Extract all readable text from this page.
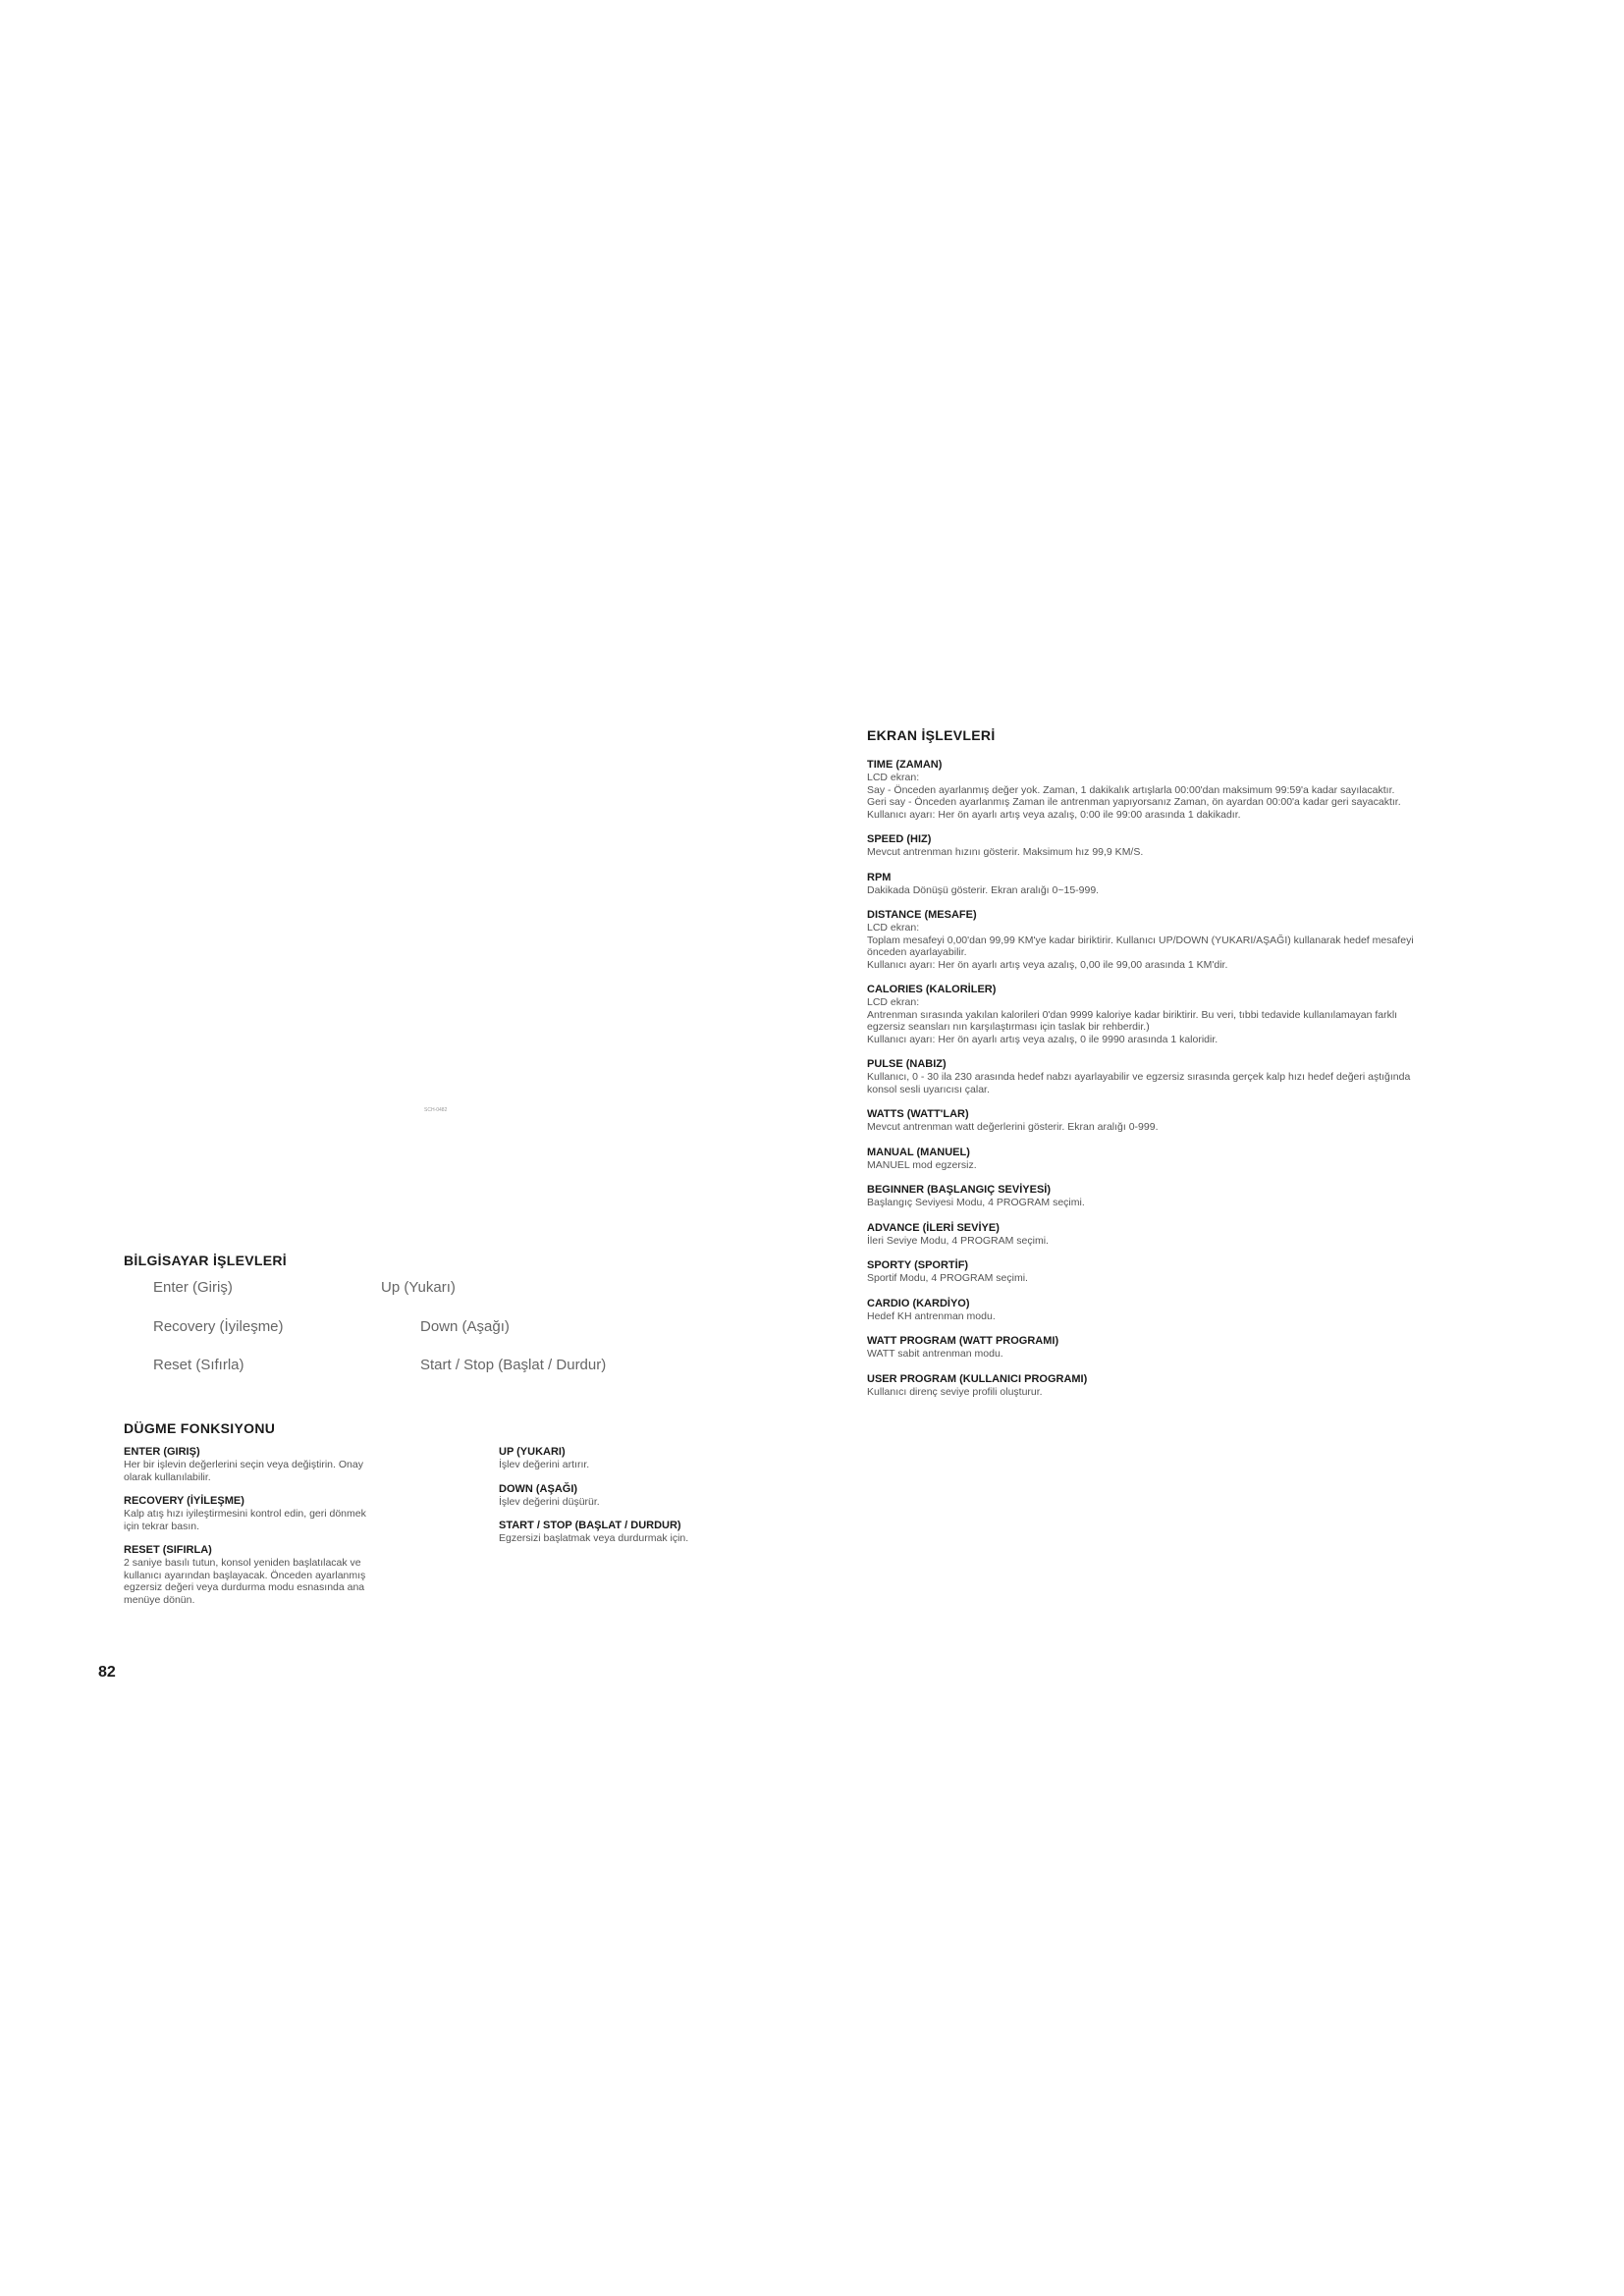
SCH-0482
BİLGİSAYAR İŞLEVLERİ
Enter (Giriş)	Up (Yukarı)
Recovery (İyileşme)	Down (Aşağı)
Reset (Sıfırla)	Start / Stop (Başlat / Durdur)
DÜGME FONKSIYONU
ENTER (GIRIŞ)
Her bir işlevin değerlerini seçin veya değiştirin. Onay
olarak kullanılabilir.
RECOVERY (İYİLEŞME)
Kalp atış hızı iyileştirmesini kontrol edin, geri dönmek
için tekrar basın.
RESET (SIFIRLA)
2 saniye basılı tutun, konsol yeniden başlatılacak ve
kullanıcı ayarından başlayacak. Önceden ayarlanmış
egzersiz değeri veya durdurma modu esnasında ana
menüye dönün.
UP (YUKARI)
İşlev değerini artırır.
DOWN (AŞAĞI)
İşlev değerini düşürür.
START / STOP (BAŞLAT / DURDUR)
Egzersizi başlatmak veya durdurmak için.
82
EKRAN İŞLEVLERİ
TIME (ZAMAN)
LCD ekran:
Say - Önceden ayarlanmış değer yok. Zaman, 1 dakikalık artışlarla 00:00'dan maksimum 99:59'a kadar sayılacaktır.
Geri say - Önceden ayarlanmış Zaman ile antrenman yapıyorsanız Zaman, ön ayardan 00:00'a kadar geri sayacaktır.
Kullanıcı ayarı: Her ön ayarlı artış veya azalış, 0:00 ile 99:00 arasında 1 dakikadır.
SPEED (HIZ)
Mevcut antrenman hızını gösterir. Maksimum hız 99,9 KM/S.
RPM
Dakikada Dönüşü gösterir. Ekran aralığı 0~15-999.
DISTANCE (MESAFE)
LCD ekran:
Toplam mesafeyi 0,00'dan 99,99 KM'ye kadar biriktirir. Kullanıcı UP/DOWN (YUKARI/AŞAĞI) kullanarak hedef mesafeyi
önceden ayarlayabilir.
Kullanıcı ayarı: Her ön ayarlı artış veya azalış, 0,00 ile 99,00 arasında 1 KM'dir.
CALORIES (KALORİLER)
LCD ekran:
Antrenman sırasında yakılan kalorileri 0'dan 9999 kaloriye kadar biriktirir. Bu veri, tıbbi tedavide kullanılamayan farklı
egzersiz seansları nın karşılaştırması için taslak bir rehberdir.)
Kullanıcı ayarı: Her ön ayarlı artış veya azalış, 0 ile 9990 arasında 1 kaloridir.
PULSE (NABIZ)
Kullanıcı, 0 - 30 ila 230 arasında hedef nabzı ayarlayabilir ve egzersiz sırasında gerçek kalp hızı hedef değeri aştığında
konsol sesli uyarıcısı çalar.
WATTS (WATT'LAR)
Mevcut antrenman watt değerlerini gösterir. Ekran aralığı 0-999.
MANUAL (MANUEL)
MANUEL mod egzersiz.
BEGINNER (BAŞLANGIÇ SEVİYESİ)
Başlangıç Seviyesi Modu, 4 PROGRAM seçimi.
ADVANCE (İLERİ SEVİYE)
İleri Seviye Modu, 4 PROGRAM seçimi.
SPORTY (SPORTİF)
Sportif Modu, 4 PROGRAM seçimi.
CARDIO (KARDİYO)
Hedef KH antrenman modu.
WATT PROGRAM (WATT PROGRAMI)
WATT sabit antrenman modu.
USER PROGRAM (KULLANICI PROGRAMI)
Kullanıcı direnç seviye profili oluşturur.
